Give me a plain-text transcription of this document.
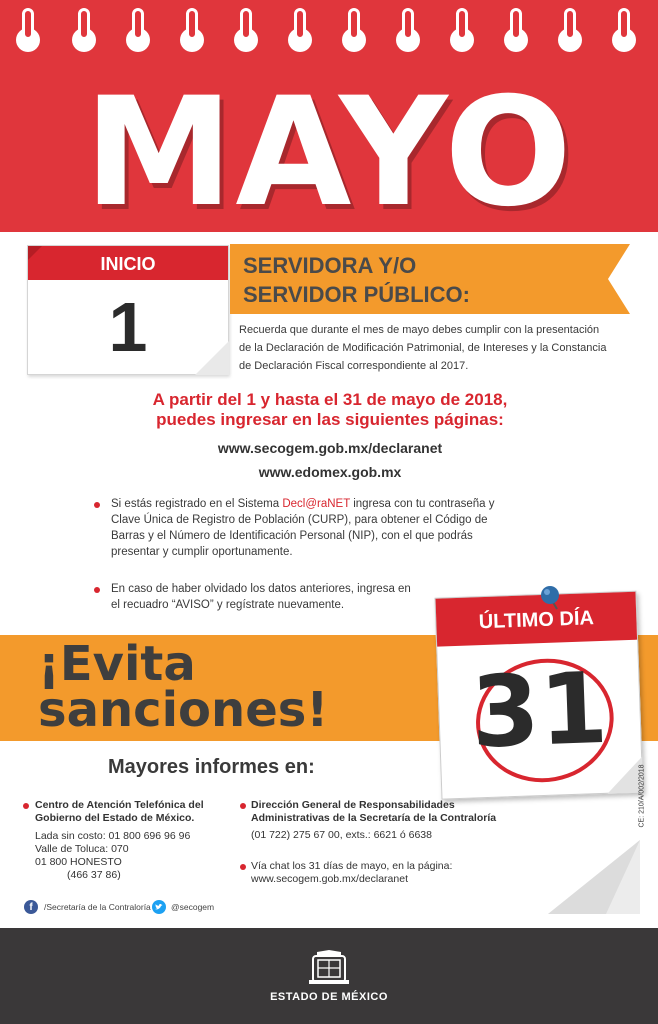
MAYO
INICIO
1
SERVIDORA Y/O
SERVIDOR PÚBLICO:
Recuerda que durante el mes de mayo debes cumplir con la presentación
de la Declaración de Modificación Patrimonial, de Intereses y la Constancia
de Declaración Fiscal correspondiente al 2017.
A partir del 1 y hasta el 31 de mayo de 2018,
puedes ingresar en las siguientes páginas:
www.secogem.gob.mx/declaranet
www.edomex.gob.mx
Si estás registrado en el Sistema Decl@raNET ingresa con tu contraseña y
Clave Única de Registro de Población (CURP), para obtener el Código de
Barras y el Número de Identificación Personal (NIP), con el que podrás
presentar y cumplir oportunamente.
En caso de haber olvidado los datos anteriores, ingresa en
el recuadro “AVISO” y regístrate nuevamente.
¡Evita
sanciones!
ÚLTIMO DÍA
31
Mayores informes en:
Centro de Atención Telefónica del
Gobierno del Estado de México.
Lada sin costo: 01 800 696 96 96
Valle de Toluca: 070
01 800 HONESTO
(466 37 86)
Dirección General de Responsabilidades
Administrativas de la Secretaría de la Contraloría
(01 722) 275 67 00, exts.: 6621 ó 6638
Vía chat los 31 días de mayo, en la página:
www.secogem.gob.mx/declaranet
CE: 210/A/002/2018
f	/Secretaría de la Contraloría @secogem
ESTADO DE MÉXICO
